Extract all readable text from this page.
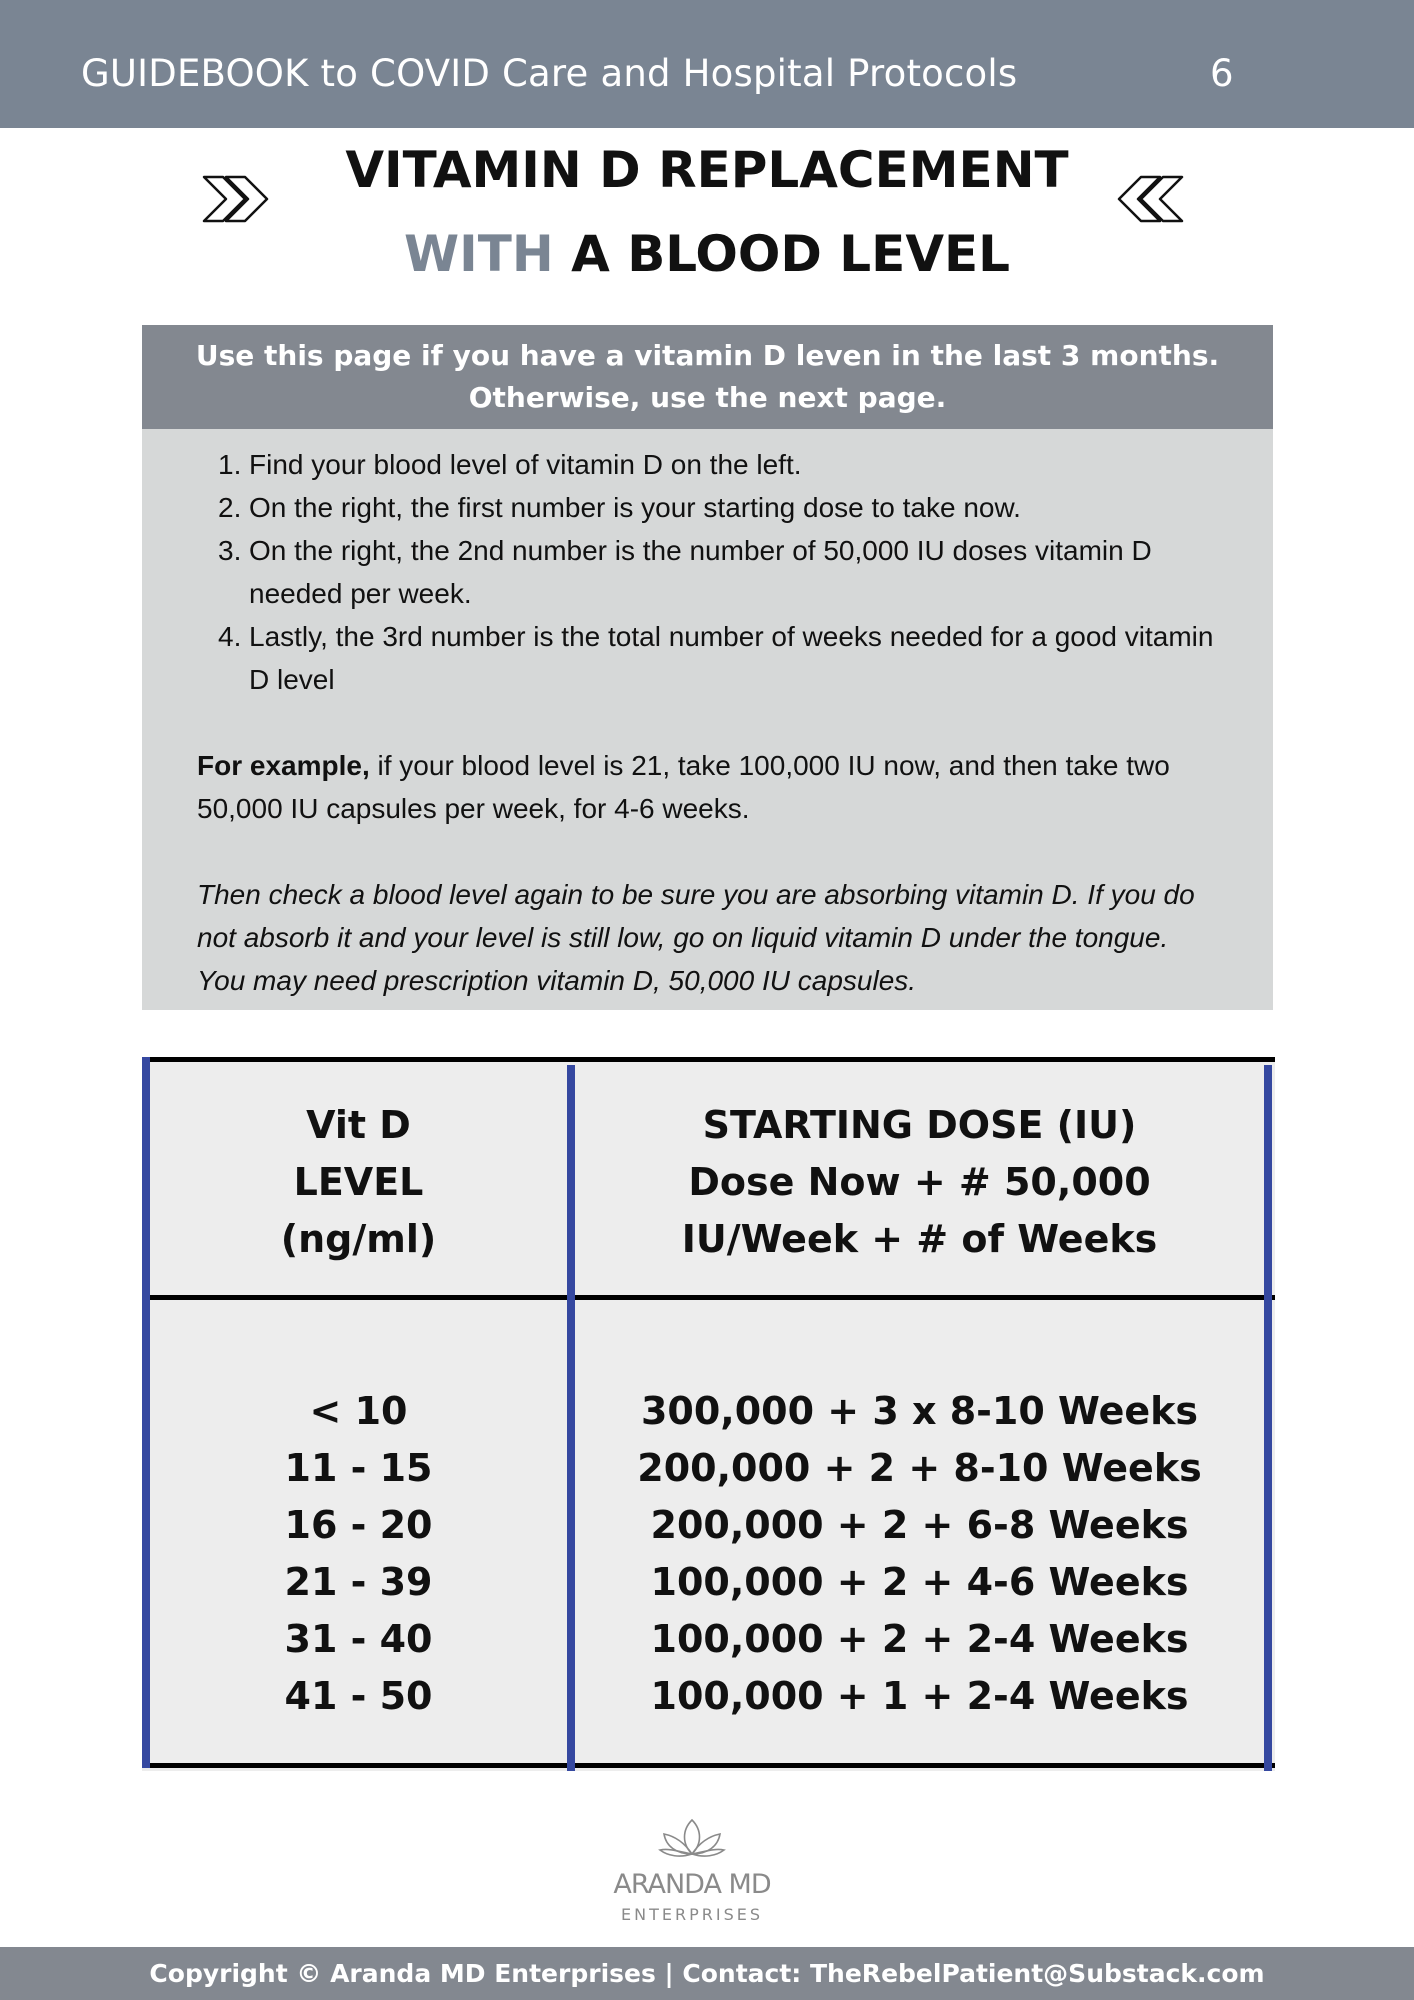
GUIDEBOOK to COVID Care and Hospital Protocols	6
VITAMIN D REPLACEMENT
WITH A BLOOD LEVEL
Use this page if you have a vitamin D leven in the last 3 months.
Otherwise, use the next page.
1. Find your blood level of vitamin D on the left.
2. On the right, the first number is your starting dose to take now.
3. On the right, the 2nd number is the number of 50,000 IU doses vitamin D needed per week.
4. Lastly, the 3rd number is the total number of weeks needed for a good vitamin D level
For example, if your blood level is 21, take 100,000 IU now, and then take two 50,000 IU capsules per week, for 4-6 weeks.
Then check a blood level again to be sure you are absorbing vitamin D. If you do not absorb it and your level is still low, go on liquid vitamin D under the tongue. You may need prescription vitamin D, 50,000 IU capsules.
Vit D
LEVEL
(ng/ml)
STARTING DOSE (IU)
Dose Now + # 50,000
IU/Week + # of Weeks
< 10
11 - 15
16 - 20
21 - 39
31 - 40
41 - 50
300,000 + 3 x 8-10 Weeks
200,000 + 2 + 8-10 Weeks
200,000 + 2 + 6-8 Weeks
100,000 + 2 + 4-6 Weeks
100,000 + 2 + 2-4 Weeks
100,000 + 1 + 2-4 Weeks
ARANDA MD
ENTERPRISES
Copyright © Aranda MD Enterprises | Contact: TheRebelPatient@Substack.com
